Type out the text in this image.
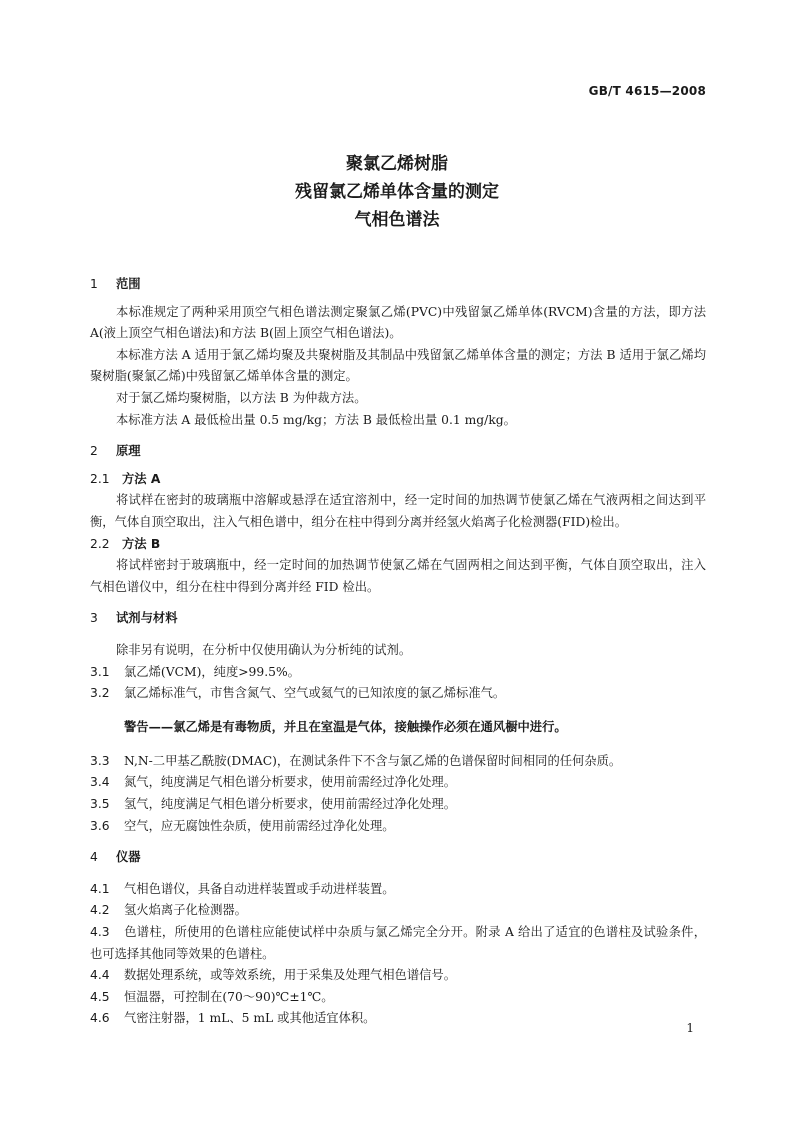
GB/T 4615—2008
聚氯乙烯树脂
残留氯乙烯单体含量的测定
气相色谱法
1 范围

本标准规定了两种采用顶空气相色谱法测定聚氯乙烯(PVC)中残留氯乙烯单体(RVCM)含量的方法，即方法 A(液上顶空气相色谱法)和方法 B(固上顶空气相色谱法)。

本标准方法 A 适用于氯乙烯均聚及共聚树脂及其制品中残留氯乙烯单体含量的测定；方法 B 适用于氯乙烯均聚树脂(聚氯乙烯)中残留氯乙烯单体含量的测定。

对于氯乙烯均聚树脂，以方法 B 为仲裁方法。

本标准方法 A 最低检出量 0.5 mg/kg；方法 B 最低检出量 0.1 mg/kg。

2 原理
2.1 方法 A

将试样在密封的玻璃瓶中溶解或悬浮在适宜溶剂中，经一定时间的加热调节使氯乙烯在气液两相之间达到平衡，气体自顶空取出，注入气相色谱中，组分在柱中得到分离并经氢火焰离子化检测器(FID)检出。

2.2 方法 B

将试样密封于玻璃瓶中，经一定时间的加热调节使氯乙烯在气固两相之间达到平衡，气体自顶空取出，注入气相色谱仪中，组分在柱中得到分离并经 FID 检出。

3 试剂与材料

除非另有说明，在分析中仅使用确认为分析纯的试剂。

3.1 氯乙烯(VCM)，纯度>99.5%。

3.2 氯乙烯标准气，市售含氮气、空气或氦气的已知浓度的氯乙烯标准气。

警告——氯乙烯是有毒物质，并且在室温是气体，接触操作必须在通风橱中进行。

3.3 N,N-二甲基乙酰胺(DMAC)，在测试条件下不含与氯乙烯的色谱保留时间相同的任何杂质。

3.4 氮气，纯度满足气相色谱分析要求，使用前需经过净化处理。

3.5 氢气，纯度满足气相色谱分析要求，使用前需经过净化处理。

3.6 空气，应无腐蚀性杂质，使用前需经过净化处理。

4 仪器

4.1 气相色谱仪，具备自动进样装置或手动进样装置。

4.2 氢火焰离子化检测器。

4.3 色谱柱，所使用的色谱柱应能使试样中杂质与氯乙烯完全分开。附录 A 给出了适宜的色谱柱及试验条件，也可选择其他同等效果的色谱柱。

4.4 数据处理系统，或等效系统，用于采集及处理气相色谱信号。

4.5 恒温器，可控制在(70～90)℃±1℃。

4.6 气密注射器，1 mL、5 mL 或其他适宜体积。

1
